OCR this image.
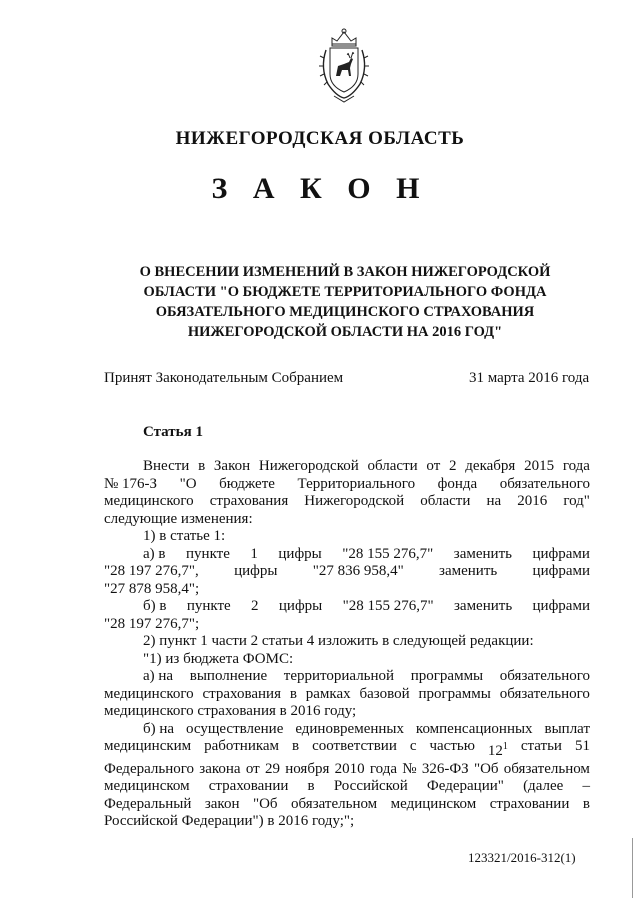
НИЖЕГОРОДСКАЯ ОБЛАСТЬ
З А К О Н
О ВНЕСЕНИИ ИЗМЕНЕНИЙ В ЗАКОН НИЖЕГОРОДСКОЙ
ОБЛАСТИ "О БЮДЖЕТЕ ТЕРРИТОРИАЛЬНОГО ФОНДА
ОБЯЗАТЕЛЬНОГО МЕДИЦИНСКОГО СТРАХОВАНИЯ
НИЖЕГОРОДСКОЙ ОБЛАСТИ НА 2016 ГОД"
Принят Законодательным Собранием	31 марта 2016 года
Статья 1
Внести в Закон Нижегородской области от 2 декабря 2015 года
№ 176-З "О бюджете Территориального фонда обязательного
медицинского страхования Нижегородской области на 2016 год"
следующие изменения:
1) в статье 1:
а) в пункте 1 цифры "28 155 276,7" заменить цифрами
"28 197 276,7", цифры "27 836 958,4" заменить цифрами
"27 878 958,4";
б) в пункте 2 цифры "28 155 276,7" заменить цифрами
"28 197 276,7";
2) пункт 1 части 2 статьи 4 изложить в следующей редакции:
"1) из бюджета ФОМС:
а) на выполнение территориальной программы обязательного
медицинского страхования в рамках базовой программы обязательного
медицинского страхования в 2016 году;
б) на осуществление единовременных компенсационных выплат
медицинским работникам в соответствии с частью $12^1$ статьи 51
Федерального закона от 29 ноября 2010 года № 326-ФЗ "Об обязательном
медицинском страховании в Российской Федерации" (далее –
Федеральный закон "Об обязательном медицинском страховании в
Российской Федерации") в 2016 году;";
123321/2016-312(1)
